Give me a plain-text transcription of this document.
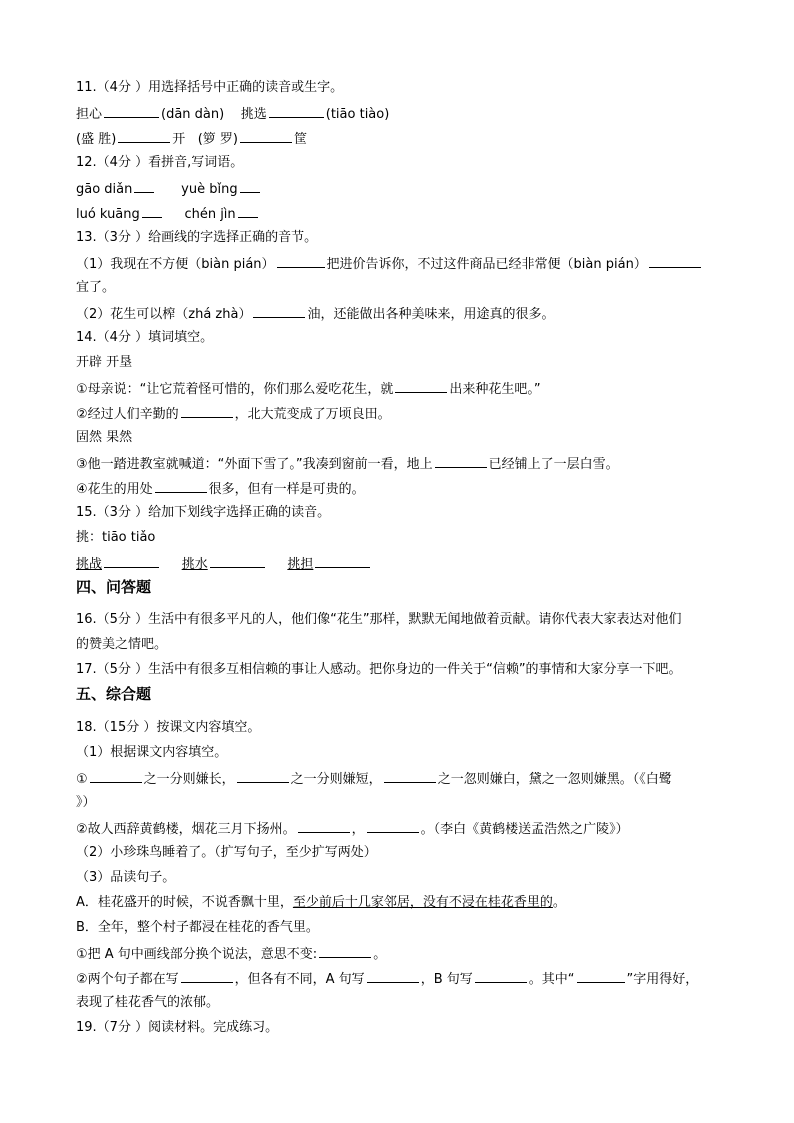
11.（4分 ）用选择括号中正确的读音或生字。
担心	(dān dàn) 挑选	(tiāo tiào)
(盛 胜)	开 (箩 罗)	筐
12.（4分 ）看拼音,写词语。
gāo diǎn	yuè bǐng
luó kuāng	chén jìn
13.（3分 ）给画线的字选择正确的音节。
（1）我现在不方便（biàn pián）	把进价告诉你，不过这件商品已经非常便（biàn pián）
宜了。
（2）花生可以榨（zhá zhà）	油，还能做出各种美味来，用途真的很多。
14.（4分 ）填词填空。
开辟 开垦
①母亲说：“让它荒着怪可惜的，你们那么爱吃花生，就	出来种花生吧。”
②经过人们辛勤的	，北大荒变成了万顷良田。
固然 果然
③他一踏进教室就喊道：“外面下雪了。”我凑到窗前一看，地上	已经铺上了一层白雪。
④花生的用处	很多，但有一样是可贵的。
15.（3分 ）给加下划线字选择正确的读音。
挑：tiāo tiǎo
挑战	挑水	挑担
四、问答题
16.（5分 ）生活中有很多平凡的人，他们像“花生”那样，默默无闻地做着贡献。请你代表大家表达对他们
的赞美之情吧。
17.（5分 ）生活中有很多互相信赖的事让人感动。把你身边的一件关于“信赖”的事情和大家分享一下吧。
五、综合题
18.（15分 ）按课文内容填空。
（1）根据课文内容填空。
①	之一分则嫌长，	之一分则嫌短，	之一忽则嫌白，黛之一忽则嫌黑。（《白鹭
》）
②故人西辞黄鹤楼，烟花三月下扬州。	，	。（李白《黄鹤楼送孟浩然之广陵》）
（2）小珍珠鸟睡着了。（扩写句子，至少扩写两处）
（3）品读句子。
A．桂花盛开的时候，不说香飘十里，至少前后十几家邻居，没有不浸在桂花香里的。
B．全年，整个村子都浸在桂花的香气里。
①把 A 句中画线部分换个说法，意思不变:	。
②两个句子都在写	，但各有不同，A 句写	，B 句写	。其中“	”字用得好，
表现了桂花香气的浓郁。
19.（7分 ）阅读材料。完成练习。
